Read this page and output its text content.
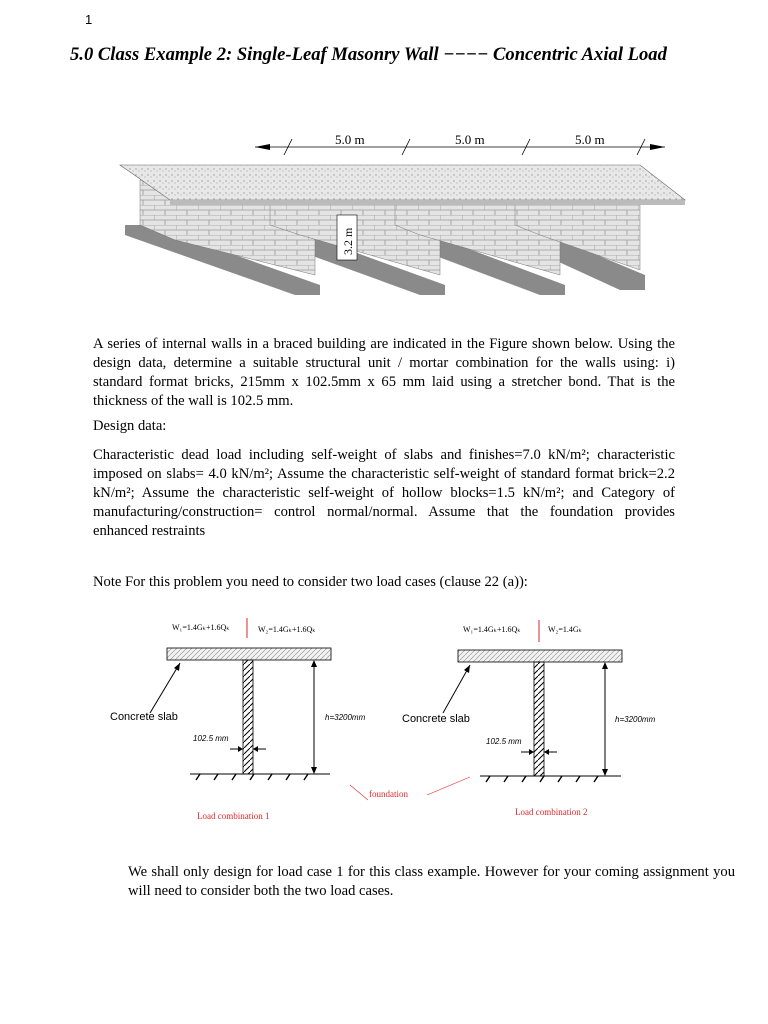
1
5.0 Class Example 2: Single-Leaf Masonry Wall −−−− Concentric Axial Load
5.0 m	5.0 m	5.0 m
3.2 m
A series of internal walls in a braced building are indicated in the Figure shown below. Using the design data, determine a suitable structural unit / mortar combination for the walls using: i) standard format bricks, 215mm x 102.5mm x 65 mm laid using a stretcher bond. That is the thickness of the wall is 102.5 mm.
Design data:
Characteristic dead load including self-weight of slabs and finishes=7.0 kN/m²; characteristic imposed on slabs= 4.0 kN/m²; Assume the characteristic self-weight of standard format brick=2.2 kN/m²; Assume the characteristic self-weight of hollow blocks=1.5 kN/m²; and Category of manufacturing/construction= control normal/normal. Assume that the foundation provides enhanced restraints
Note For this problem you need to consider two load cases (clause 22 (a)):
W₁=1.4Gₖ+1.6Qₖ	W₂=1.4Gₖ+1.6Qₖ
Concrete slab
102.5 mm
h=3200mm
Load combination 1
foundation
W₁=1.4Gₖ+1.6Qₖ	W₂=1.4Gₖ
Concrete slab
102.5 mm
h=3200mm
Load combination 2
We shall only design for load case 1 for this class example. However for your coming assignment you will need to consider both the two load cases.
